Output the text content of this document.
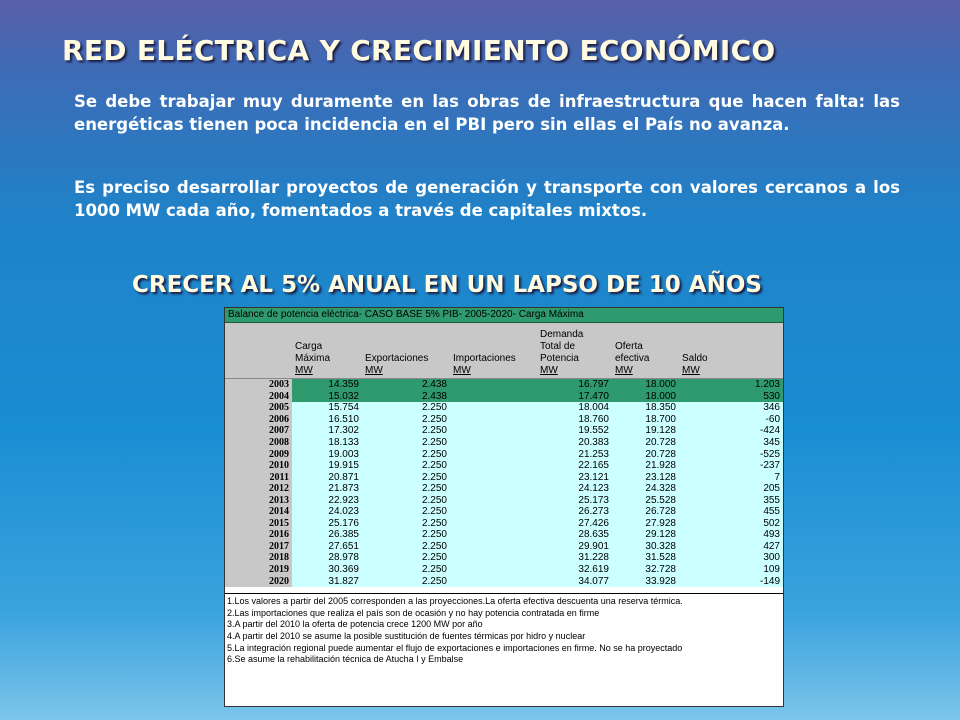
RED ELÉCTRICA Y CRECIMIENTO ECONÓMICO

Se debe trabajar muy duramente en las obras de infraestructura que hacen falta: las energéticas tienen poca incidencia en el PBI pero sin ellas el País no avanza.

Es preciso desarrollar proyectos de generación y transporte con valores cercanos a los 1000 MW cada año, fomentados a través de capitales mixtos.

CRECER AL 5% ANUAL EN UN LAPSO DE 10 AÑOS
Balance de potencia eléctrica- CASO BASE 5% PIB- 2005-2020- Carga Máxima
Carga
Máxima
MW
Exportaciones
MW
Importaciones
MW
Demanda
Total de
Potencia
MW
Oferta
efectiva
MW
Saldo
MW
2003	14.359	2.438		16.797	18.000	1.203
2004	15.032	2.438		17.470	18.000	530
2005	15.754	2.250		18.004	18.350	346
2006	16.510	2.250		18.760	18.700	-60
2007	17.302	2.250		19.552	19.128	-424
2008	18.133	2.250		20.383	20.728	345
2009	19.003	2.250		21.253	20.728	-525
2010	19.915	2.250		22.165	21.928	-237
2011	20.871	2.250		23.121	23.128	7
2012	21.873	2.250		24.123	24.328	205
2013	22.923	2.250		25.173	25.528	355
2014	24.023	2.250		26.273	26.728	455
2015	25.176	2.250		27.426	27.928	502
2016	26.385	2.250		28.635	29.128	493
2017	27.651	2.250		29.901	30.328	427
2018	28.978	2.250		31.228	31.528	300
2019	30.369	2.250		32.619	32.728	109
2020	31.827	2.250		34.077	33.928	-149
1.Los valores a partir del 2005 corresponden a las proyecciones.La oferta efectiva descuenta una reserva térmica.
2.Las importaciones que realiza el país son de ocasión y no hay potencia contratada en firme
3.A partir del 2010 la oferta de potencia crece 1200 MW por año
4.A partir del 2010 se asume la posible sustitución de fuentes térmicas por hidro y nuclear
5.La integración regional puede aumentar el flujo de exportaciones e importaciones en firme. No se ha proyectado
6.Se asume la rehabilitación técnica de Atucha I y Embalse
